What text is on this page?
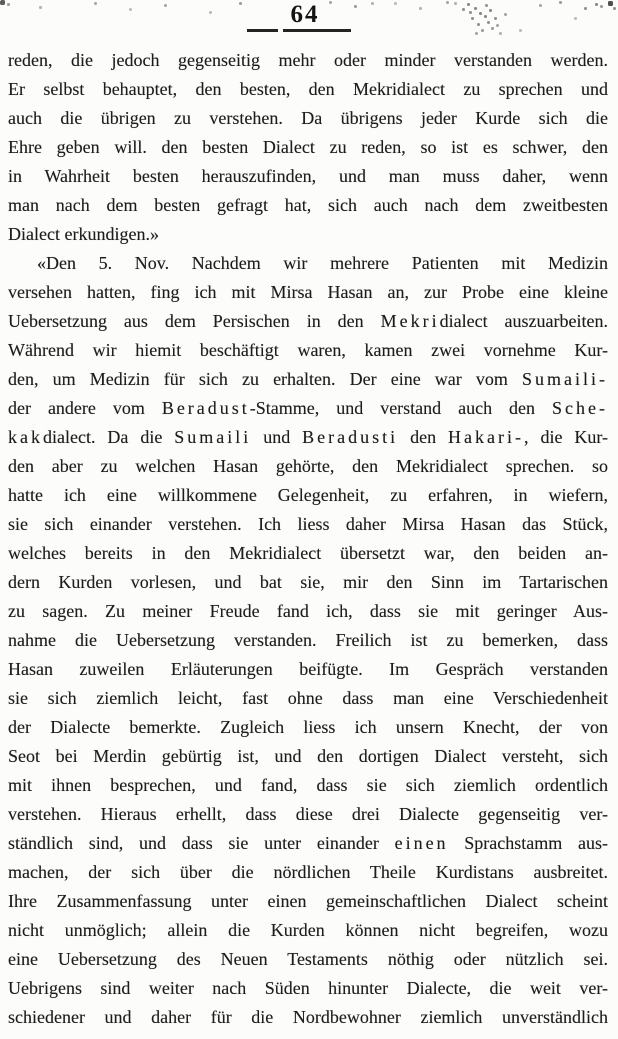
64
reden, die jedoch gegenseitig mehr oder minder verstanden werden.
Er selbst behauptet, den besten, den Mekridialect zu sprechen und
auch die übrigen zu verstehen. Da übrigens jeder Kurde sich die
Ehre geben will. den besten Dialect zu reden, so ist es schwer, den
in Wahrheit besten herauszufinden, und man muss daher, wenn
man nach dem besten gefragt hat, sich auch nach dem zweitbesten
Dialect erkundigen.»
«Den 5. Nov. Nachdem wir mehrere Patienten mit Medizin
versehen hatten, fing ich mit Mirsa Hasan an, zur Probe eine kleine
Uebersetzung aus dem Persischen in den Mekridialect auszuarbeiten.
Während wir hiemit beschäftigt waren, kamen zwei vornehme Kur-
den, um Medizin für sich zu erhalten. Der eine war vom Sumaili-
der andere vom Beradust-Stamme, und verstand auch den Sche-
kakdialect. Da die Sumaili und Beradusti den Hakari-, die Kur-
den aber zu welchen Hasan gehörte, den Mekridialect sprechen. so
hatte ich eine willkommene Gelegenheit, zu erfahren, in wiefern,
sie sich einander verstehen. Ich liess daher Mirsa Hasan das Stück,
welches bereits in den Mekridialect übersetzt war, den beiden an-
dern Kurden vorlesen, und bat sie, mir den Sinn im Tartarischen
zu sagen. Zu meiner Freude fand ich, dass sie mit geringer Aus-
nahme die Uebersetzung verstanden. Freilich ist zu bemerken, dass
Hasan zuweilen Erläuterungen beifügte. Im Gespräch verstanden
sie sich ziemlich leicht, fast ohne dass man eine Verschiedenheit
der Dialecte bemerkte. Zugleich liess ich unsern Knecht, der von
Seot bei Merdin gebürtig ist, und den dortigen Dialect versteht, sich
mit ihnen besprechen, und fand, dass sie sich ziemlich ordentlich
verstehen. Hieraus erhellt, dass diese drei Dialecte gegenseitig ver-
ständlich sind, und dass sie unter einander einen Sprachstamm aus-
machen, der sich über die nördlichen Theile Kurdistans ausbreitet.
Ihre Zusammenfassung unter einen gemeinschaftlichen Dialect scheint
nicht unmöglich; allein die Kurden können nicht begreifen, wozu
eine Uebersetzung des Neuen Testaments nöthig oder nützlich sei.
Uebrigens sind weiter nach Süden hinunter Dialecte, die weit ver-
schiedener und daher für die Nordbewohner ziemlich unverständlich
